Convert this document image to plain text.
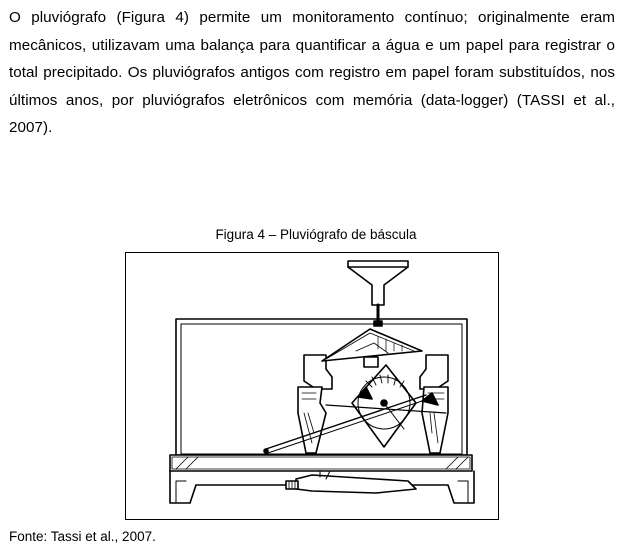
O pluviógrafo (Figura 4) permite um monitoramento contínuo; originalmente eram mecânicos, utilizavam uma balança para quantificar a água e um papel para registrar o total precipitado. Os pluviógrafos antigos com registro em papel foram substituídos, nos últimos anos, por pluviógrafos eletrônicos com memória (data-logger) (TASSI et al., 2007).

Figura 4 – Pluviógrafo de báscula

Fonte: Tassi et al., 2007.
